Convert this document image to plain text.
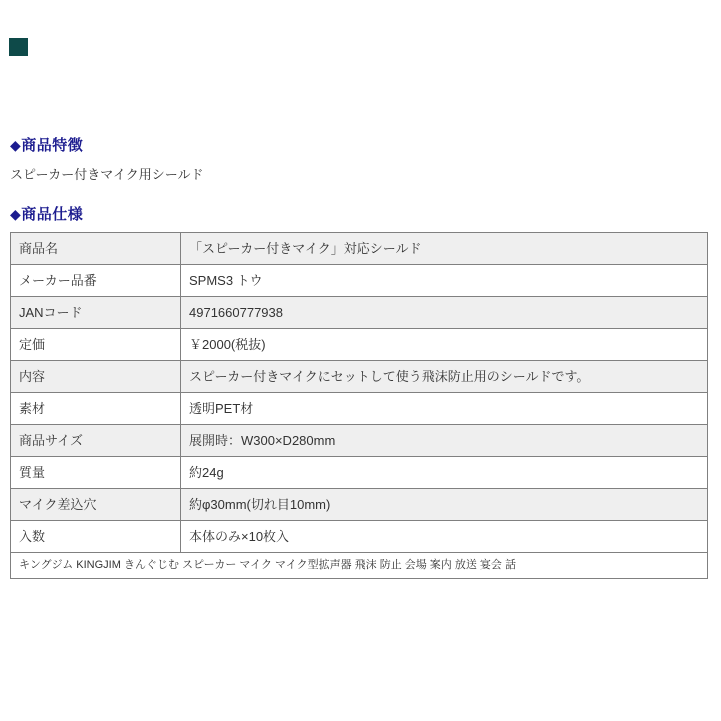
◆商品特徴
スピーカー付きマイク用シールド
◆商品仕様
商品名	「スピーカー付きマイク」対応シールド
メーカー品番	SPMS3 トウ
JANコード	4971660777938
定価	￥2000(税抜)
内容	スピーカー付きマイクにセットして使う飛沫防止用のシールドです。
素材	透明PET材
商品サイズ	展開時：W300×D280mm
質量	約24g
マイク差込穴	約φ30mm(切れ目10mm)
入数	本体のみ×10枚入
キングジム KINGJIM きんぐじむ スピーカー マイク マイク型拡声器 飛沫 防止 会場 案内 放送 宴会 話	
